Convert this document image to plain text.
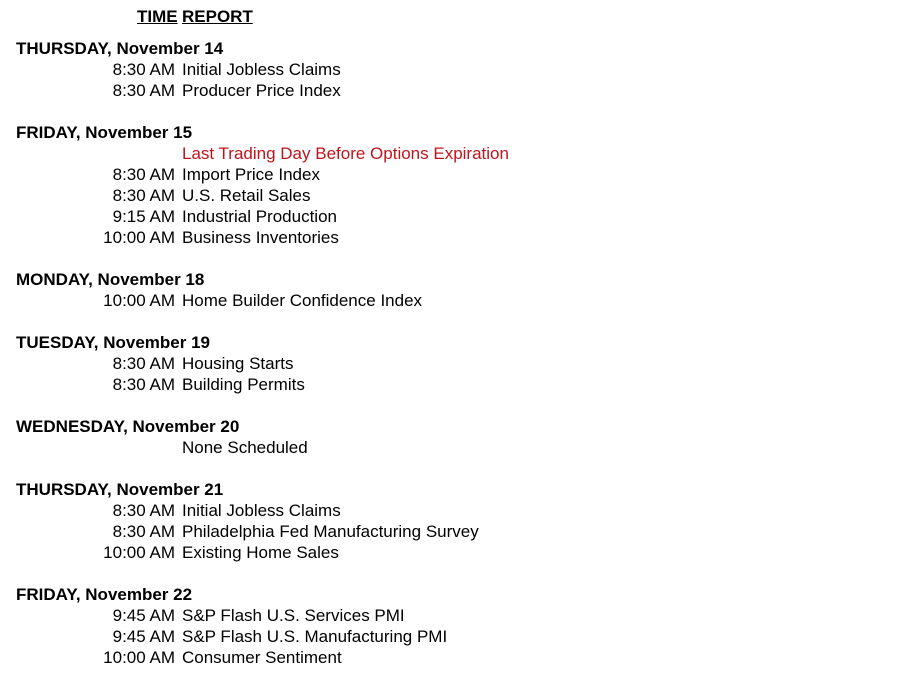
TIME REPORT
THURSDAY, November 14
8:30 AM Initial Jobless Claims
8:30 AM Producer Price Index
FRIDAY, November 15
Last Trading Day Before Options Expiration
8:30 AM Import Price Index
8:30 AM U.S. Retail Sales
9:15 AM Industrial Production
10:00 AM Business Inventories
MONDAY, November 18
10:00 AM Home Builder Confidence Index
TUESDAY, November 19
8:30 AM Housing Starts
8:30 AM Building Permits
WEDNESDAY, November 20
None Scheduled
THURSDAY, November 21
8:30 AM Initial Jobless Claims
8:30 AM Philadelphia Fed Manufacturing Survey
10:00 AM Existing Home Sales
FRIDAY, November 22
9:45 AM S&P Flash U.S. Services PMI
9:45 AM S&P Flash U.S. Manufacturing PMI
10:00 AM Consumer Sentiment
